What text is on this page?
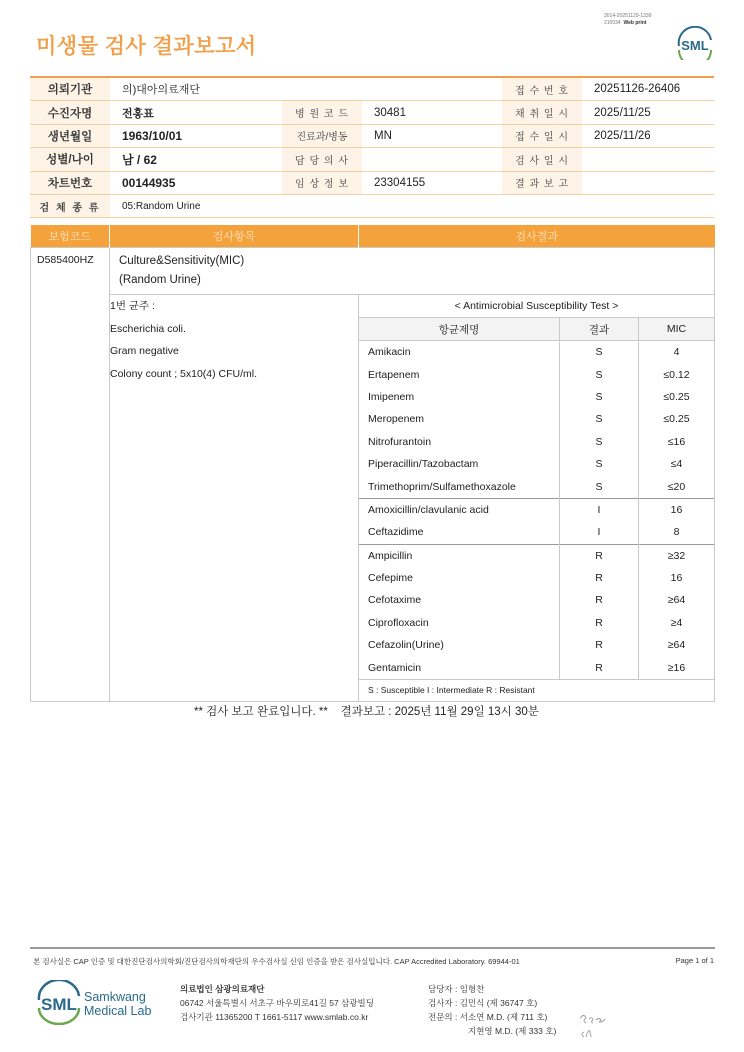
미생물 검사 결과보고서
3014-20251129-1339
210034 Web print
SML
의뢰기관	의)대아의료재단			접 수 번 호	20251126-26406
수진자명	전홍표	병 원 코 드	30481	채 취 일 시	2025/11/25
생년월일	1963/10/01	진료과/병동	MN	접 수 일 시	2025/11/26
성별/나이	남 / 62	담 당 의 사		검 사 일 시	
차트번호	00144935	임 상 정 보	23304155	결 과 보 고	
검 체 종 류	05:Random Urine				
보험코드	검사항목	검사결과
D585400HZ	Culture&Sensitivity(MIC)
(Random Urine)

1번 균주 :
Escherichia coli.
Gram negative
Colony count ; 5x10(4) CFU/ml.

< Antimicrobial Susceptibility Test >
항균제명	결과	MIC
Amikacin	S	4
Ertapenem	S	≤0.12
Imipenem	S	≤0.25
Meropenem	S	≤0.25
Nitrofurantoin	S	≤16
Piperacillin/Tazobactam	S	≤4
Trimethoprim/Sulfamethoxazole	S	≤20
Amoxicillin/clavulanic acid	I	16
Ceftazidime	I	8
Ampicillin	R	≥32
Cefepime	R	16
Cefotaxime	R	≥64
Ciprofloxacin	R	≥4
Cefazolin(Urine)	R	≥64
Gentamicin	R	≥16
S : Susceptible I : Intermediate R : Resistant
** 검사 보고 완료입니다. ** 결과보고 : 2025년 11월 29일 13시 30분
본 검사실은 CAP 인증 및 대한진단검사의학회/진단검사의학재단의 우수검사실 신임 인증을 받은 검사실입니다. CAP Accredited Laboratory. 69944-01	Page 1 of 1
SML Samkwang
Medical Lab
의료법인 삼광의료재단
06742 서울특별시 서초구 바우뫼로41길 57 삼광빌딩
검사기관 11365200 T 1661-5117 www.smlab.co.kr
담당자 : 임형찬
검사자 : 김민식 (제 36747 호)
전문의 : 서소연 M.D. (제 711 호)
지현영 M.D. (제 333 호)
